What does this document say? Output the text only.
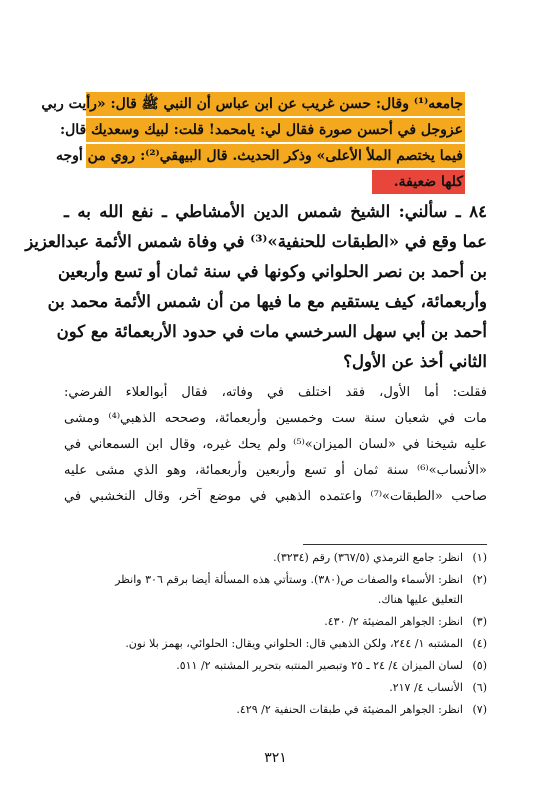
جامعه⁽¹⁾ وقال: حسن غريب عن ابن عباس أن النبي ﷺ قال: «رأيت ربي
عزوجل في أحسن صورة فقال لي: يامحمد! قلت: لبيك وسعديك قال:
فيما يختصم الملأ الأعلى» وذكر الحديث. قال البيهقي⁽²⁾: روي من أوجه
كلها ضعيفة.
٨٤ ـ سألني: الشيخ شمس الدين الأمشاطي ـ نفع الله به ـ
عما وقع في «الطبقات للحنفية»⁽³⁾ في وفاة شمس الأئمة عبدالعزيز
بن أحمد بن نصر الحلواني وكونها في سنة ثمان أو تسع وأربعين
وأربعمائة، كيف يستقيم مع ما فيها من أن شمس الأئمة محمد بن
أحمد بن أبي سهل السرخسي مات في حدود الأربعمائة مع كون
الثاني أخذ عن الأول؟
فقلت: أما الأول، فقد اختلف في وفاته، فقال أبوالعلاء الفرضي:
مات في شعبان سنة ست وخمسين وأربعمائة، وصححه الذهبي⁽⁴⁾ ومشى
عليه شيخنا في «لسان الميزان»⁽⁵⁾ ولم يحك غيره، وقال ابن السمعاني في
«الأنساب»⁽⁶⁾ سنة ثمان أو تسع وأربعين وأربعمائة، وهو الذي مشى عليه
صاحب «الطبقات»⁽⁷⁾ واعتمده الذهبي في موضع آخر، وقال النخشبي في
(١)انظر: جامع الترمذي (٣٦٧/٥) رقم (٣٢٣٤).
(٢)انظر: الأسماء والصفات ص(٣٨٠). وستأتي هذه المسألة أيضا برقم ٣٠٦ وانظر
التعليق عليها هناك.
(٣)انظر: الجواهر المضيئة ٢/ ٤٣٠.
(٤)المشتبه ١/ ٢٤٤، ولكن الذهبي قال: الحلواني ويقال: الحلوائي، بهمز بلا نون.
(٥)لسان الميزان ٤/ ٢٤ ـ ٢٥ وتبصير المنتبه بتحرير المشتبه ٢/ ٥١١.
(٦)الأنساب ٤/ ٢١٧.
(٧)انظر: الجواهر المضيئة في طبقات الحنفية ٢/ ٤٢٩.
٣٢١
